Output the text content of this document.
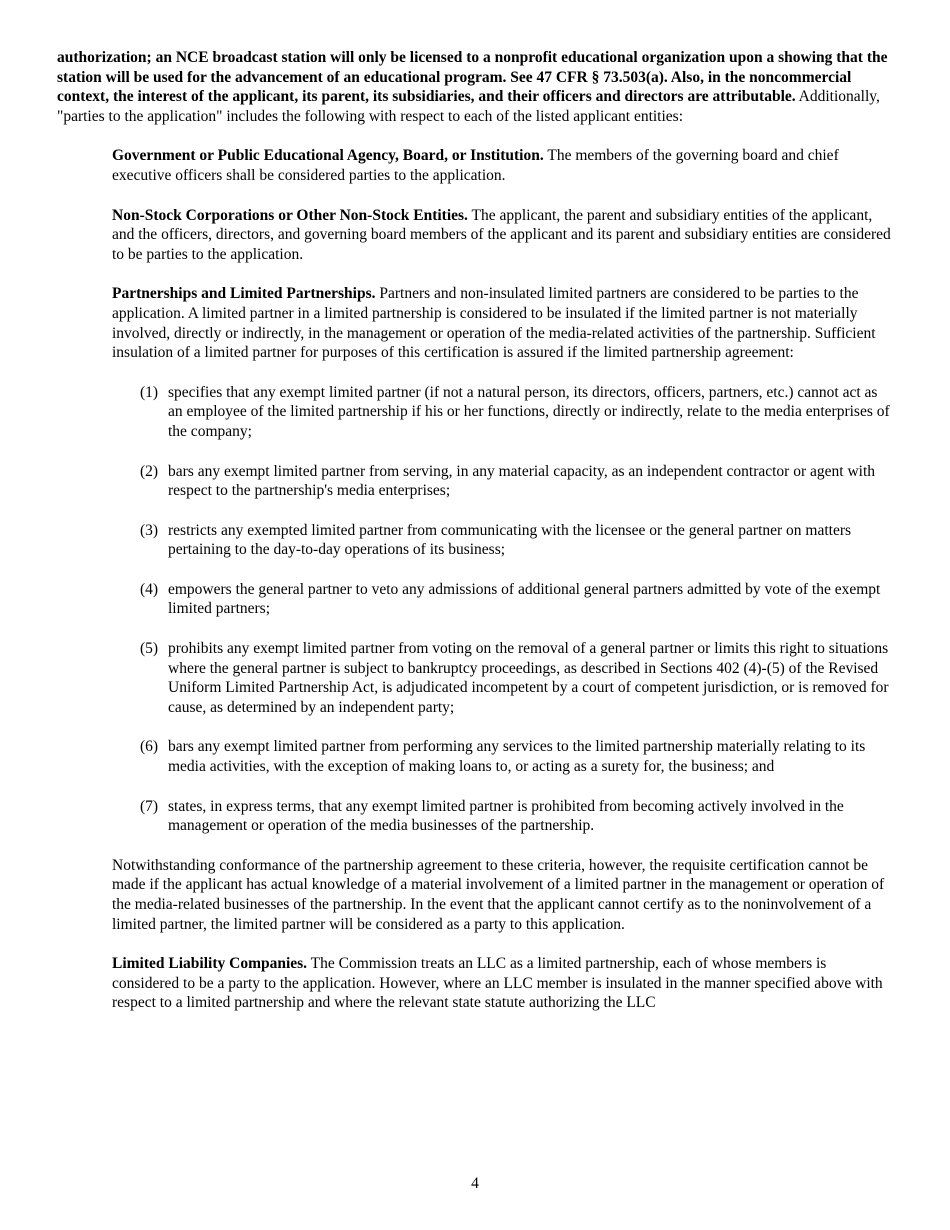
authorization; an NCE broadcast station will only be licensed to a nonprofit educational organization upon a showing that the station will be used for the advancement of an educational program. See 47 CFR § 73.503(a). Also, in the noncommercial context, the interest of the applicant, its parent, its subsidiaries, and their officers and directors are attributable. Additionally, "parties to the application" includes the following with respect to each of the listed applicant entities:

Government or Public Educational Agency, Board, or Institution. The members of the governing board and chief executive officers shall be considered parties to the application.

Non-Stock Corporations or Other Non-Stock Entities. The applicant, the parent and subsidiary entities of the applicant, and the officers, directors, and governing board members of the applicant and its parent and subsidiary entities are considered to be parties to the application.

Partnerships and Limited Partnerships. Partners and non-insulated limited partners are considered to be parties to the application. A limited partner in a limited partnership is considered to be insulated if the limited partner is not materially involved, directly or indirectly, in the management or operation of the media-related activities of the partnership. Sufficient insulation of a limited partner for purposes of this certification is assured if the limited partnership agreement:

(1) specifies that any exempt limited partner (if not a natural person, its directors, officers, partners, etc.) cannot act as an employee of the limited partnership if his or her functions, directly or indirectly, relate to the media enterprises of the company;
(2) bars any exempt limited partner from serving, in any material capacity, as an independent contractor or agent with respect to the partnership's media enterprises;
(3) restricts any exempted limited partner from communicating with the licensee or the general partner on matters pertaining to the day-to-day operations of its business;
(4) empowers the general partner to veto any admissions of additional general partners admitted by vote of the exempt limited partners;
(5) prohibits any exempt limited partner from voting on the removal of a general partner or limits this right to situations where the general partner is subject to bankruptcy proceedings, as described in Sections 402 (4)-(5) of the Revised Uniform Limited Partnership Act, is adjudicated incompetent by a court of competent jurisdiction, or is removed for cause, as determined by an independent party;
(6) bars any exempt limited partner from performing any services to the limited partnership materially relating to its media activities, with the exception of making loans to, or acting as a surety for, the business; and
(7) states, in express terms, that any exempt limited partner is prohibited from becoming actively involved in the management or operation of the media businesses of the partnership.

Notwithstanding conformance of the partnership agreement to these criteria, however, the requisite certification cannot be made if the applicant has actual knowledge of a material involvement of a limited partner in the management or operation of the media-related businesses of the partnership. In the event that the applicant cannot certify as to the noninvolvement of a limited partner, the limited partner will be considered as a party to this application.

Limited Liability Companies. The Commission treats an LLC as a limited partnership, each of whose members is considered to be a party to the application. However, where an LLC member is insulated in the manner specified above with respect to a limited partnership and where the relevant state statute authorizing the LLC

4
